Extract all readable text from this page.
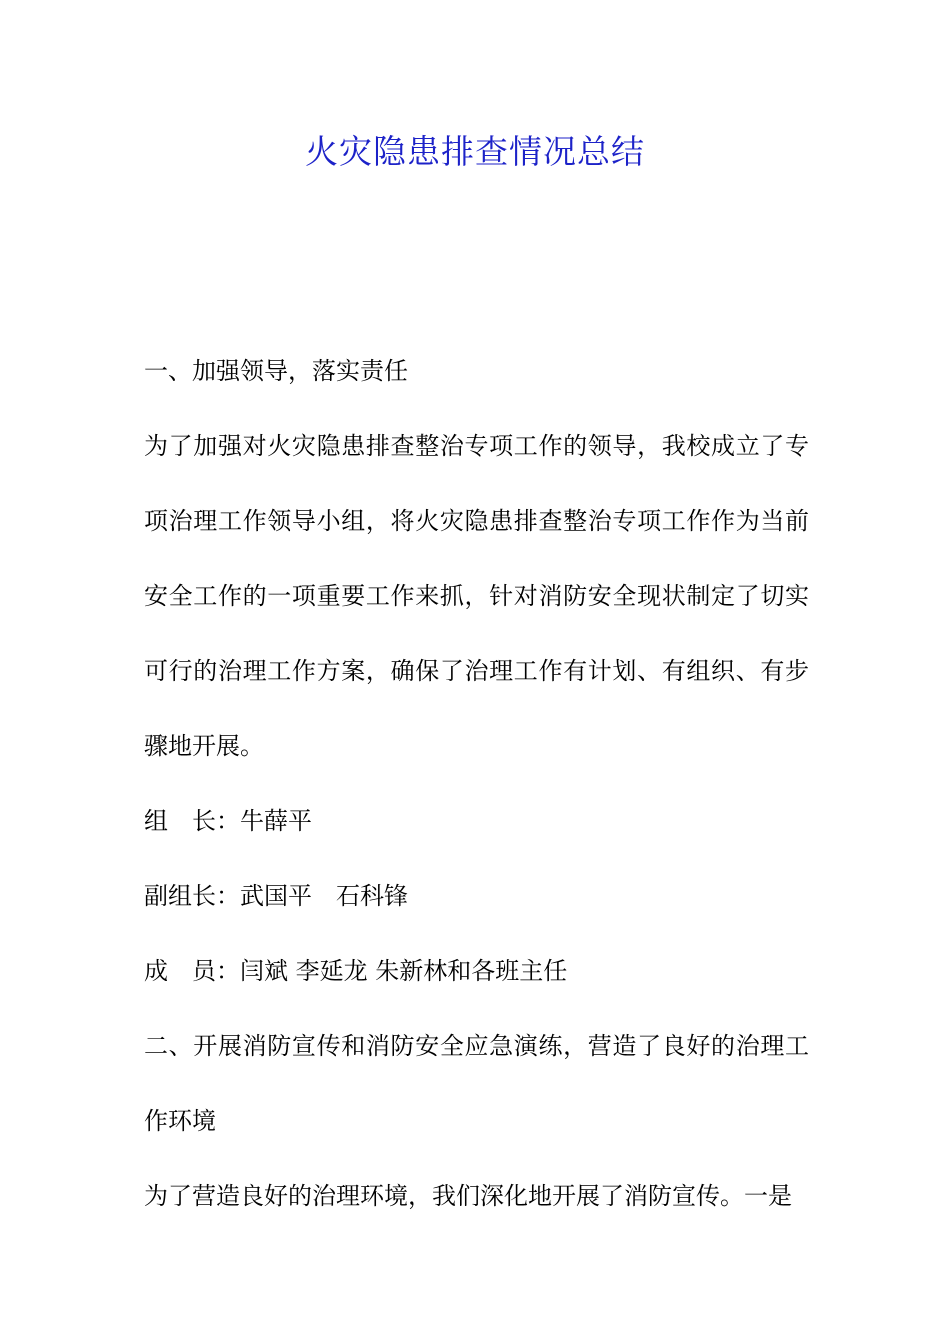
火灾隐患排查情况总结

一、加强领导，落实责任

为了加强对火灾隐患排查整治专项工作的领导，我校成立了专项治理工作领导小组，将火灾隐患排查整治专项工作作为当前安全工作的一项重要工作来抓，针对消防安全现状制定了切实可行的治理工作方案，确保了治理工作有计划、有组织、有步骤地开展。

组　长：牛薛平

副组长：武国平　石科锋

成　员：闫斌 李延龙 朱新林和各班主任

二、开展消防宣传和消防安全应急演练，营造了良好的治理工作环境

为了营造良好的治理环境，我们深化地开展了消防宣传。一是
